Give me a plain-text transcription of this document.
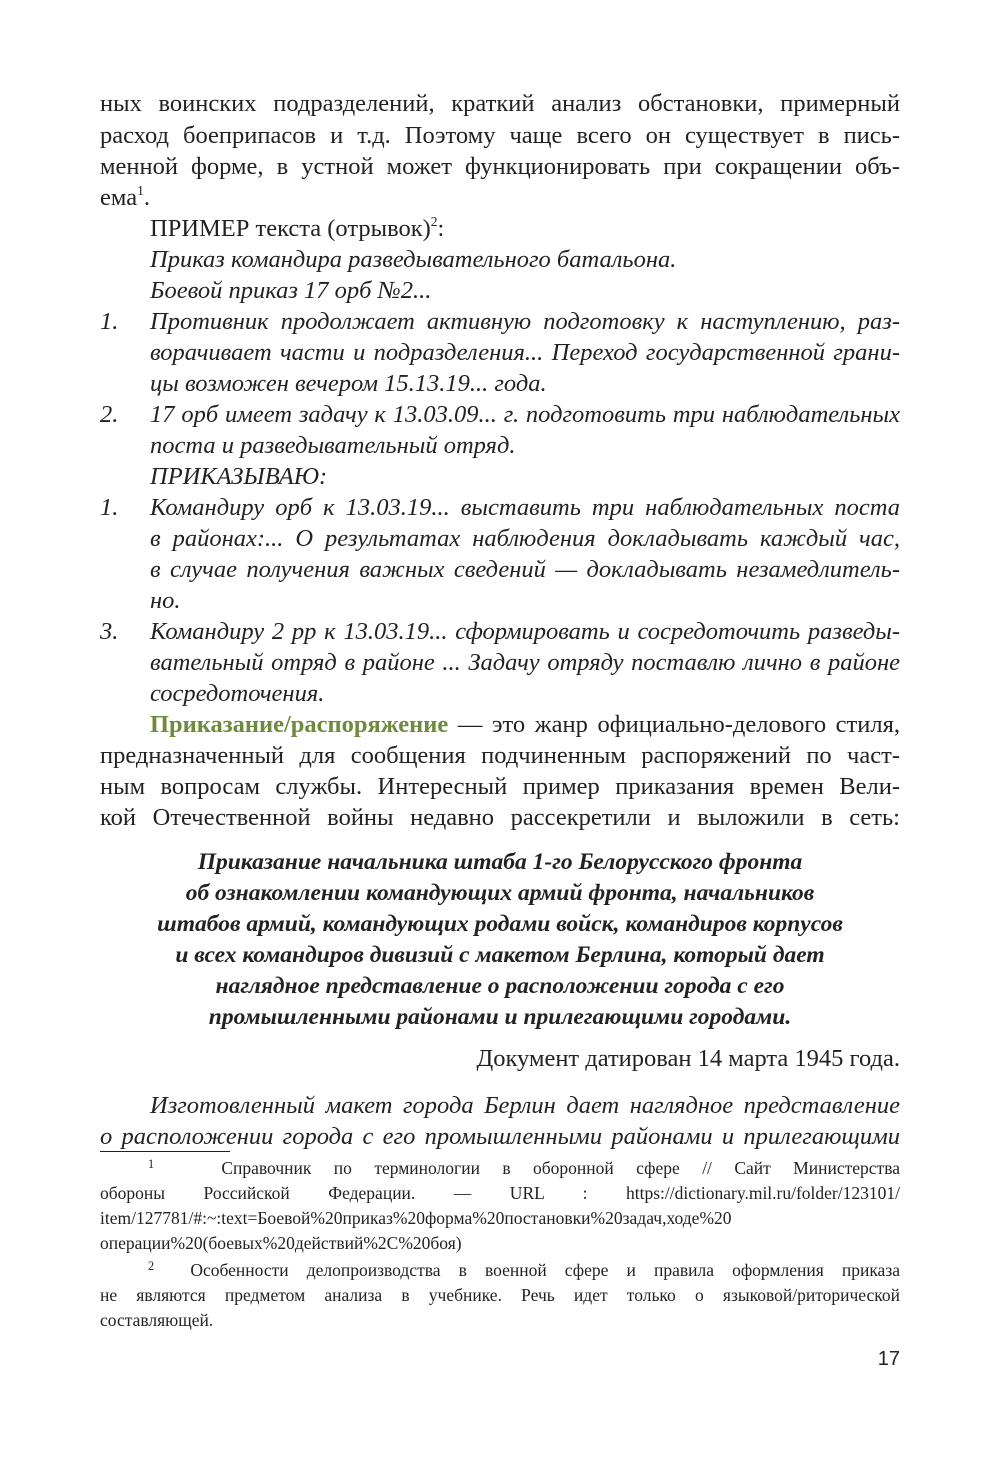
ных воинских подразделений, краткий анализ обстановки, примерный
расход боеприпасов и т.д. Поэтому чаще всего он существует в пись-
менной форме, в устной может функционировать при сокращении объ-
ема$^1$.
ПРИМЕР текста (отрывок)$^2$:
Приказ командира разведывательного батальона.
Боевой приказ 17 орб №2...
1. Противник продолжает активную подготовку к наступлению, раз-
ворачивает части и подразделения... Переход государственной грани-
цы возможен вечером 15.13.19... года.
2. 17 орб имеет задачу к 13.03.09... г. подготовить три наблюдательных
поста и разведывательный отряд.
ПРИКАЗЫВАЮ:
1. Командиру орб к 13.03.19... выставить три наблюдательных поста
в районах:... О результатах наблюдения докладывать каждый час,
в случае получения важных сведений — докладывать незамедлитель-
но.
3. Командиру 2 рр к 13.03.19... сформировать и сосредоточить разведы-
вательный отряд в районе ... Задачу отряду поставлю лично в районе
сосредоточения.
Приказание/распоряжение — это жанр официально-делового стиля,
предназначенный для сообщения подчиненным распоряжений по част-
ным вопросам службы. Интересный пример приказания времен Вели-
кой Отечественной войны недавно рассекретили и выложили в сеть:
Приказание начальника штаба 1-го Белорусского фронта
об ознакомлении командующих армий фронта, начальников
штабов армий, командующих родами войск, командиров корпусов
и всех командиров дивизий с макетом Берлина, который дает
наглядное представление о расположении города с его
промышленными районами и прилегающими городами.
Документ датирован 14 марта 1945 года.
Изготовленный макет города Берлин дает наглядное представление
о расположении города с его промышленными районами и прилегающими
$^1$	Справочник по терминологии в оборонной сфере // Сайт Министерства
обороны Российской Федерации. — URL : https://dictionary.mil.ru/folder/123101/
item/127781/#:~:text=Боевой%20приказ%20форма%20постановки%20задач,ходе%20
операции%20(боевых%20действий%2С%20боя)
$^2$ Особенности делопроизводства в военной сфере и правила оформления приказа
не являются предметом анализа в учебнике. Речь идет только о языковой/риторической
составляющей.
17
